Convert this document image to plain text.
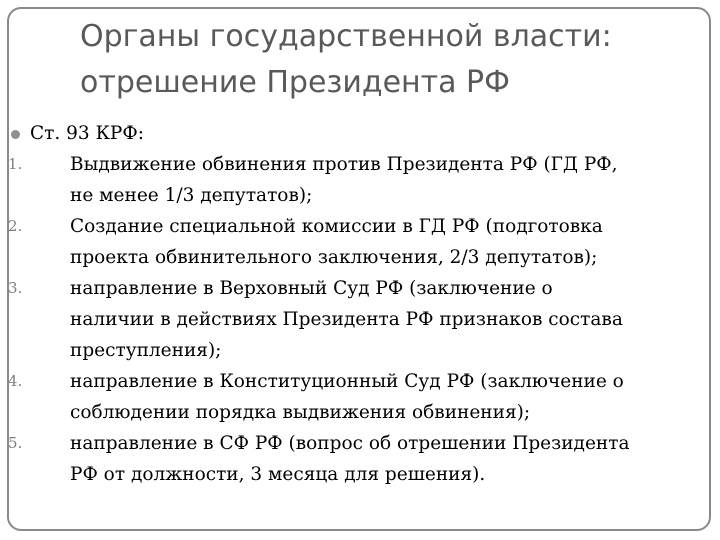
Органы государственной власти:
отрешение Президента РФ
Ст. 93 КРФ:
1.	Выдвижение обвинения против Президента РФ (ГД РФ,
не менее 1/3 депутатов);
2.	Создание специальной комиссии в ГД РФ (подготовка
проекта обвинительного заключения, 2/3 депутатов);
3.	направление в Верховный Суд РФ (заключение о
наличии в действиях Президента РФ признаков состава
преступления);
4.	направление в Конституционный Суд РФ (заключение о
соблюдении порядка выдвижения обвинения);
5.	направление в СФ РФ (вопрос об отрешении Президента
РФ от должности, 3 месяца для решения).
